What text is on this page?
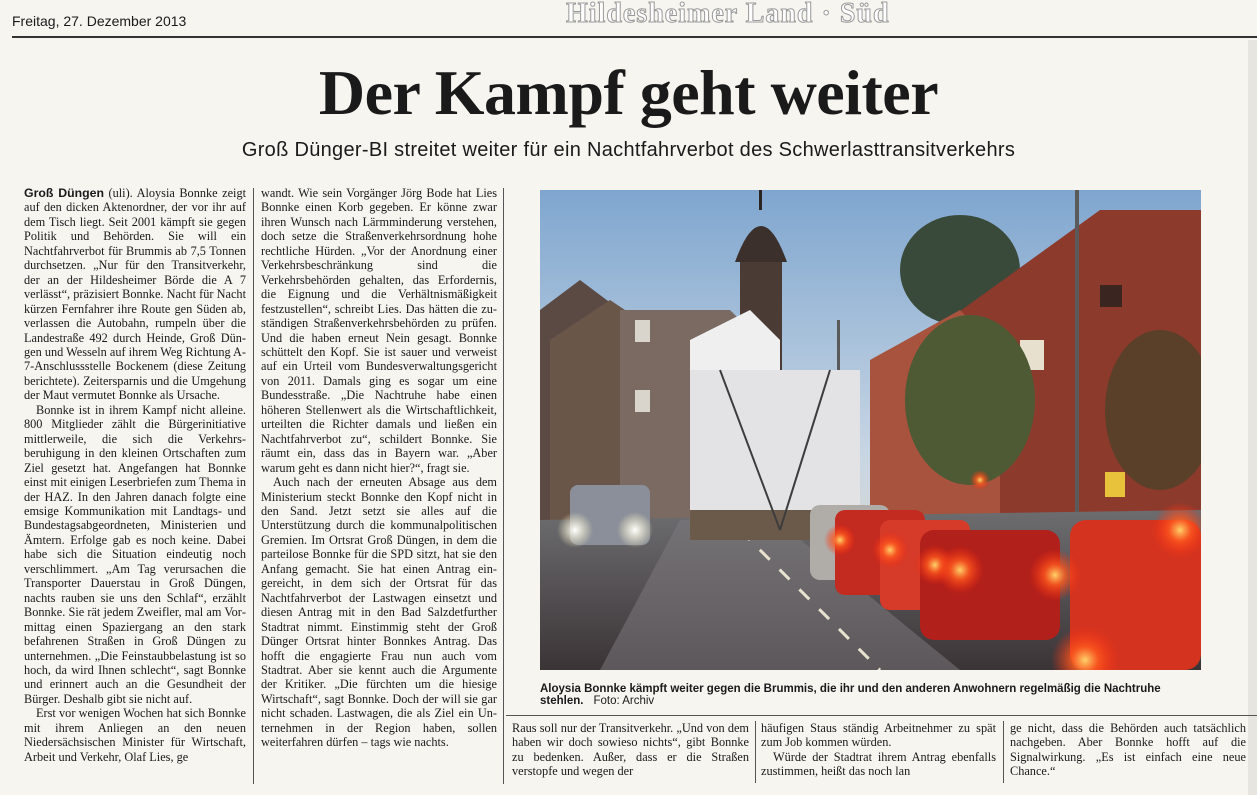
Freitag, 27. Dezember 2013	Hildesheimer Land · Süd
Der Kampf geht weiter
Groß Dünger-BI streitet weiter für ein Nachtfahrverbot des Schwerlasttransitverkehrs

Groß Düngen (uli). Aloysia Bonnke zeigt auf den dicken Aktenordner, der vor ihr auf dem Tisch liegt. Seit 2001 kämpft sie gegen Politik und Behörden. Sie will ein Nachtfahrverbot für Brummis ab 7,5 Tonnen durchsetzen. „Nur für den Transitverkehr, der an der Hildesheimer Börde die A 7 verlässt“, präzisiert Bonnke. Nacht für Nacht kürzen Fernfahrer ihre Route gen Süden ab, verlassen die Autobahn, rumpeln über die Landestraße 492 durch Heinde, Groß Düngen und Wesseln auf ihrem Weg Richtung A-7-Anschlussstelle Bockenem (diese Zeitung berichtete). Zeitersparnis und die Umgehung der Maut vermutet Bonnke als Ursache.

Bonnke ist in ihrem Kampf nicht alleine. 800 Mitglieder zählt die Bürgerinitiative mittlerweile, die sich die Verkehrsberuhigung in den kleinen Ortschaften zum Ziel gesetzt hat. Angefangen hat Bonnke einst mit einigen Leserbriefen zum Thema in der HAZ. In den Jahren danach folgte eine emsige Kommunikation mit Landtags- und Bundestagsabgeordneten, Ministerien und Ämtern. Erfolge gab es noch keine. Dabei habe sich die Situation eindeutig noch verschlimmert. „Am Tag verursachen die Transporter Dauerstau in Groß Düngen, nachts rauben sie uns den Schlaf“, erzählt Bonnke. Sie rät jedem Zweifler, mal am Vormittag einen Spaziergang an den stark befahrenen Straßen in Groß Düngen zu unternehmen. „Die Feinstaubbelastung ist so hoch, da wird Ihnen schlecht“, sagt Bonnke und erinnert auch an die Gesundheit der Bürger. Deshalb gibt sie nicht auf.

Erst vor wenigen Wochen hat sich Bonnke mit ihrem Anliegen an den neuen Niedersächsischen Minister für Wirtschaft, Arbeit und Verkehr, Olaf Lies, ge

wandt. Wie sein Vorgänger Jörg Bode hat Lies Bonnke einen Korb gegeben. Er könne zwar ihren Wunsch nach Lärmminderung verstehen, doch setze die Straßenverkehrsordnung hohe rechtliche Hürden. „Vor der Anordnung einer Verkehrsbeschränkung sind die Verkehrsbehörden gehalten, das Erfordernis, die Eignung und die Verhältnismäßigkeit festzustellen“, schreibt Lies. Das hätten die zuständigen Straßenverkehrsbehörden zu prüfen. Und die haben erneut Nein gesagt. Bonnke schüttelt den Kopf. Sie ist sauer und verweist auf ein Urteil vom Bundesverwaltungsgericht von 2011. Damals ging es sogar um eine Bundesstraße. „Die Nachtruhe habe einen höheren Stellenwert als die Wirtschaftlichkeit, urteilten die Richter damals und ließen ein Nachtfahrverbot zu“, schildert Bonnke. Sie räumt ein, dass das in Bayern war. „Aber warum geht es dann nicht hier?“, fragt sie.

Auch nach der erneuten Absage aus dem Ministerium steckt Bonnke den Kopf nicht in den Sand. Jetzt setzt sie alles auf die Unterstützung durch die kommunalpolitischen Gremien. Im Ortsrat Groß Düngen, in dem die parteilose Bonnke für die SPD sitzt, hat sie den Anfang gemacht. Sie hat einen Antrag eingereicht, in dem sich der Ortsrat für das Nachtfahrverbot der Lastwagen einsetzt und diesen Antrag mit in den Bad Salzdetfurther Stadtrat nimmt. Einstimmig steht der Groß Dünger Ortsrat hinter Bonnkes Antrag. Das hofft die engagierte Frau nun auch vom Stadtrat. Aber sie kennt auch die Argumente der Kritiker. „Die fürchten um die hiesige Wirtschaft“, sagt Bonnke. Doch der will sie gar nicht schaden. Lastwagen, die als Ziel ein Unternehmen in der Region haben, sollen weiterfahren dürfen – tags wie nachts.

Aloysia Bonnke kämpft weiter gegen die Brummis, die ihr und den anderen Anwohnern regelmäßig die Nachtruhe stehlen. Foto: Archiv

Raus soll nur der Transitverkehr. „Und von dem haben wir doch sowieso nichts“, gibt Bonnke zu bedenken. Außer, dass er die Straßen verstopfe und wegen der

häufigen Staus ständig Arbeitnehmer zu spät zum Job kommen würden.

Würde der Stadtrat ihrem Antrag ebenfalls zustimmen, heißt das noch lan

ge nicht, dass die Behörden auch tatsächlich nachgeben. Aber Bonnke hofft auf die Signalwirkung. „Es ist einfach eine neue Chance.“
